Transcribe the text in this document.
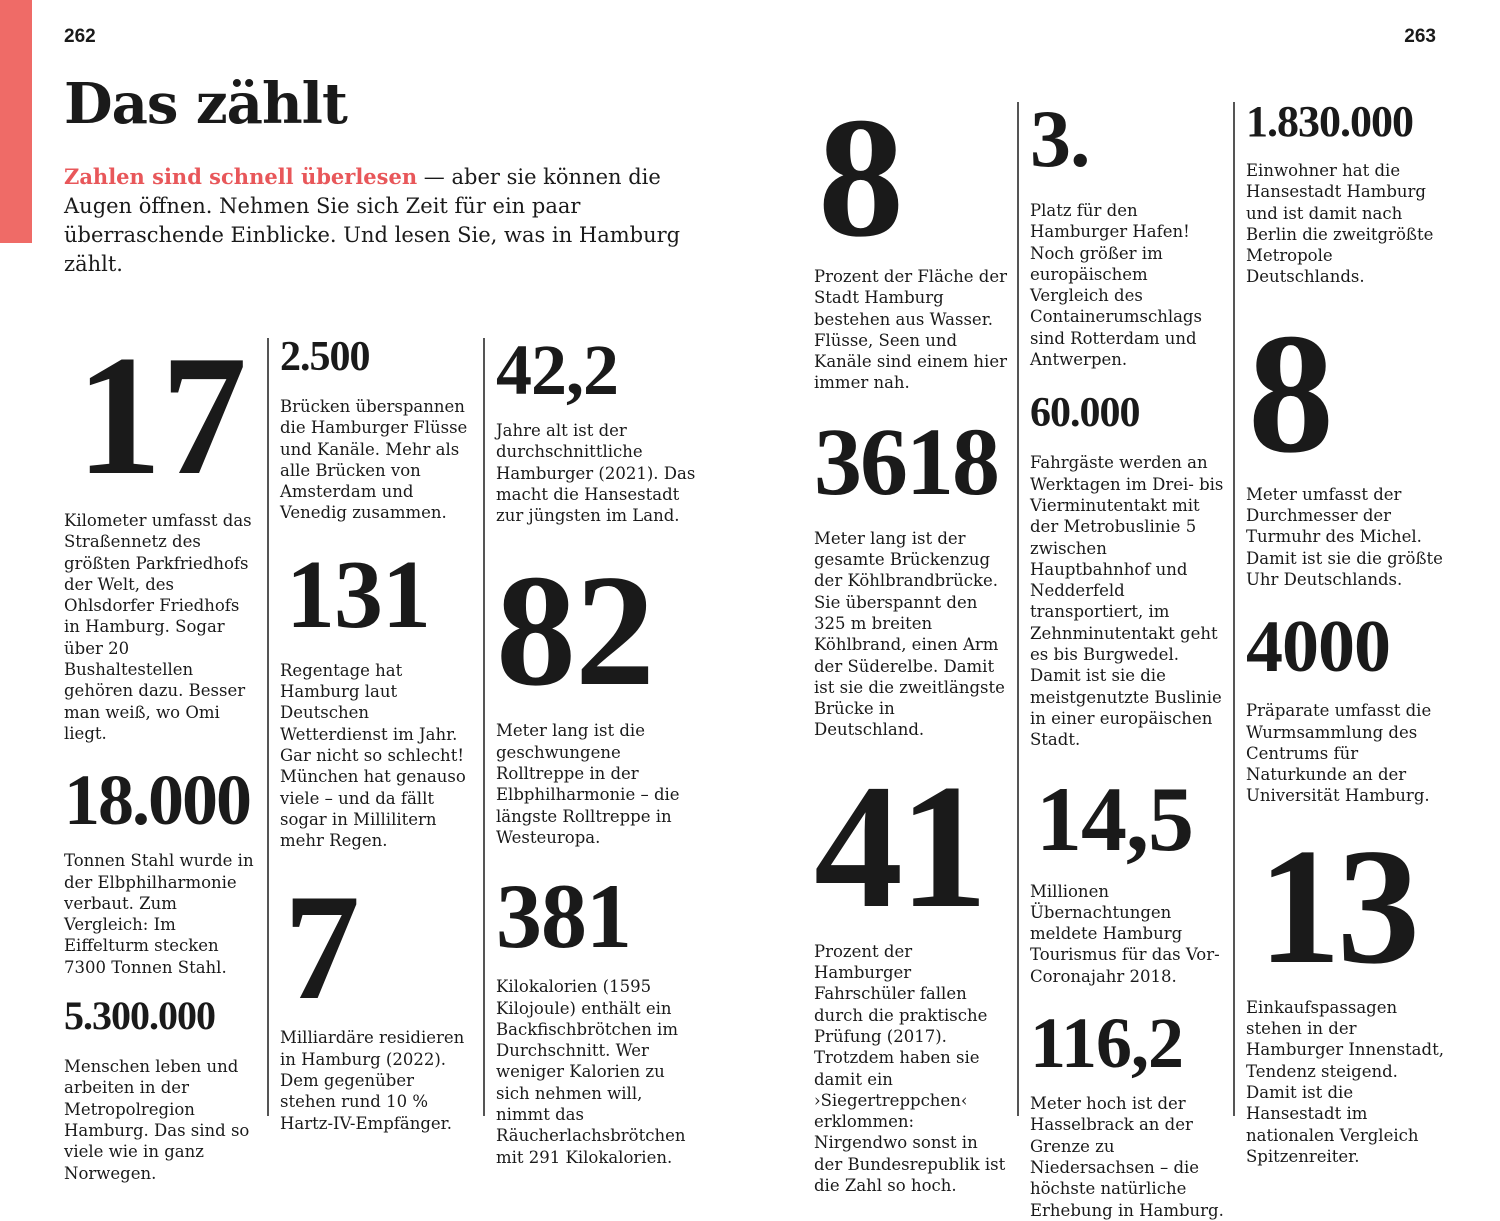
262	263
Das zählt

Zahlen sind schnell überlesen — aber sie können die Augen öffnen. Nehmen Sie sich Zeit für ein paar überraschende Einblicke. Und lesen Sie, was in Hamburg zählt.

17
Kilometer umfasst das Straßennetz des größten Parkfriedhofs der Welt, des Ohlsdorfer Friedhofs in Hamburg. Sogar über 20 Bushaltestellen gehören dazu. Besser man weiß, wo Omi liegt.
18.000
Tonnen Stahl wurde in der Elbphilharmonie verbaut. Zum Vergleich: Im Eiffelturm stecken 7300 Tonnen Stahl.
5.300.000
Menschen leben und arbeiten in der Metropolregion Hamburg. Das sind so viele wie in ganz Norwegen.
2.500
Brücken überspannen die Hamburger Flüsse und Kanäle. Mehr als alle Brücken von Amsterdam und Venedig zusammen.
131
Regentage hat Hamburg laut Deutschen Wetterdienst im Jahr. Gar nicht so schlecht! München hat genauso viele – und da fällt sogar in Millilitern mehr Regen.
7
Milliardäre residieren in Hamburg (2022). Dem gegenüber stehen rund 10 % Hartz-IV-Empfänger.
42,2
Jahre alt ist der durchschnittliche Hamburger (2021). Das macht die Hansestadt zur jüngsten im Land.
82
Meter lang ist die geschwungene Rolltreppe in der Elbphilharmonie – die längste Rolltreppe in Westeuropa.
381
Kilokalorien (1595 Kilojoule) enthält ein Backfischbrötchen im Durchschnitt. Wer weniger Kalorien zu sich nehmen will, nimmt das Räucherlachsbrötchen mit 291 Kilokalorien.
8
Prozent der Fläche der Stadt Hamburg bestehen aus Wasser. Flüsse, Seen und Kanäle sind einem hier immer nah.
3618
Meter lang ist der gesamte Brückenzug der Köhlbrandbrücke. Sie überspannt den 325 m breiten Köhlbrand, einen Arm der Süderelbe. Damit ist sie die zweitlängste Brücke in Deutschland.
41
Prozent der Hamburger Fahrschüler fallen durch die praktische Prüfung (2017). Trotzdem haben sie damit ein ›Siegertreppchen‹ erklommen: Nirgendwo sonst in der Bundesrepublik ist die Zahl so hoch.
3.
Platz für den Hamburger Hafen! Noch größer im europäischem Vergleich des Containerumschlags sind Rotterdam und Antwerpen.
60.000
Fahrgäste werden an Werktagen im Drei- bis Vierminutentakt mit der Metrobuslinie 5 zwischen Hauptbahnhof und Nedderfeld transportiert, im Zehnminutentakt geht es bis Burgwedel. Damit ist sie die meistgenutzte Buslinie in einer europäischen Stadt.
14,5
Millionen Übernachtungen meldete Hamburg Tourismus für das Vor-Coronajahr 2018.
116,2
Meter hoch ist der Hasselbrack an der Grenze zu Niedersachsen – die höchste natürliche Erhebung in Hamburg.
1.830.000
Einwohner hat die Hansestadt Hamburg und ist damit nach Berlin die zweitgrößte Metropole Deutschlands.
8
Meter umfasst der Durchmesser der Turmuhr des Michel. Damit ist sie die größte Uhr Deutschlands.
4000
Präparate umfasst die Wurmsammlung des Centrums für Naturkunde an der Universität Hamburg.
13
Einkaufspassagen stehen in der Hamburger Innenstadt, Tendenz steigend. Damit ist die Hansestadt im nationalen Vergleich Spitzenreiter.
